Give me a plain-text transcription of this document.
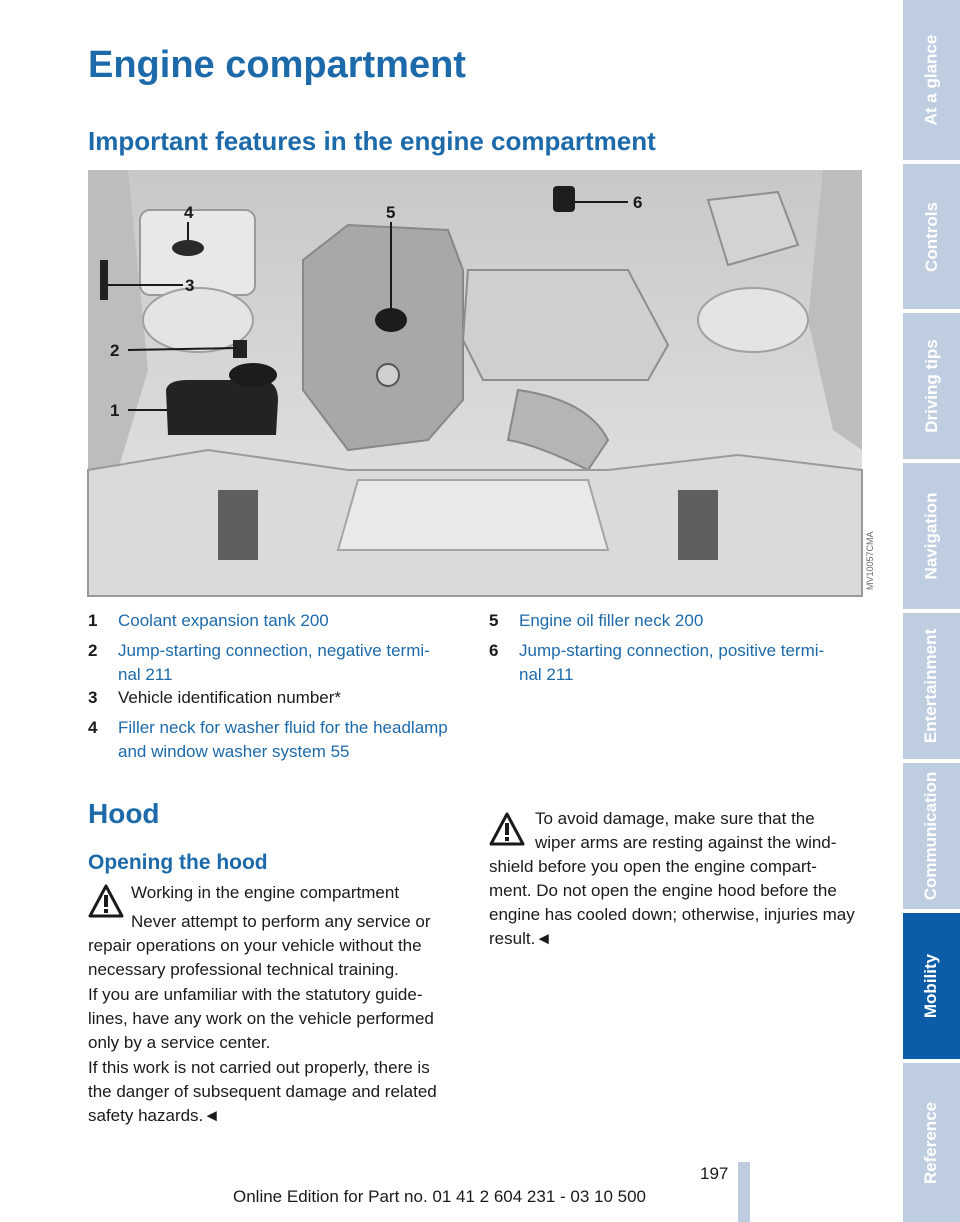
Engine compartment
Important features in the engine compartment
1
2
3
4	5
6
MV10057CMA
1	Coolant expansion tank 200
2	Jump-starting connection, negative termi-
nal 211
3	Vehicle identification number*
4	Filler neck for washer fluid for the headlamp
and window washer system 55
5	Engine oil filler neck 200
6	Jump-starting connection, positive termi-
nal 211
Hood
Opening the hood
Working in the engine compartment
Never attempt to perform any service or
repair operations on your vehicle without the
necessary professional technical training.
If you are unfamiliar with the statutory guide-
lines, have any work on the vehicle performed
only by a service center.
If this work is not carried out properly, there is
the danger of subsequent damage and related
safety hazards.◄
To avoid damage, make sure that the
wiper arms are resting against the wind-
shield before you open the engine compart-
ment. Do not open the engine hood before the
engine has cooled down; otherwise, injuries may
result.◄
At a glance
Controls
Driving tips
Navigation
Entertainment
Communication
Mobility
Reference
197
Online Edition for Part no. 01 41 2 604 231 - 03 10 500
